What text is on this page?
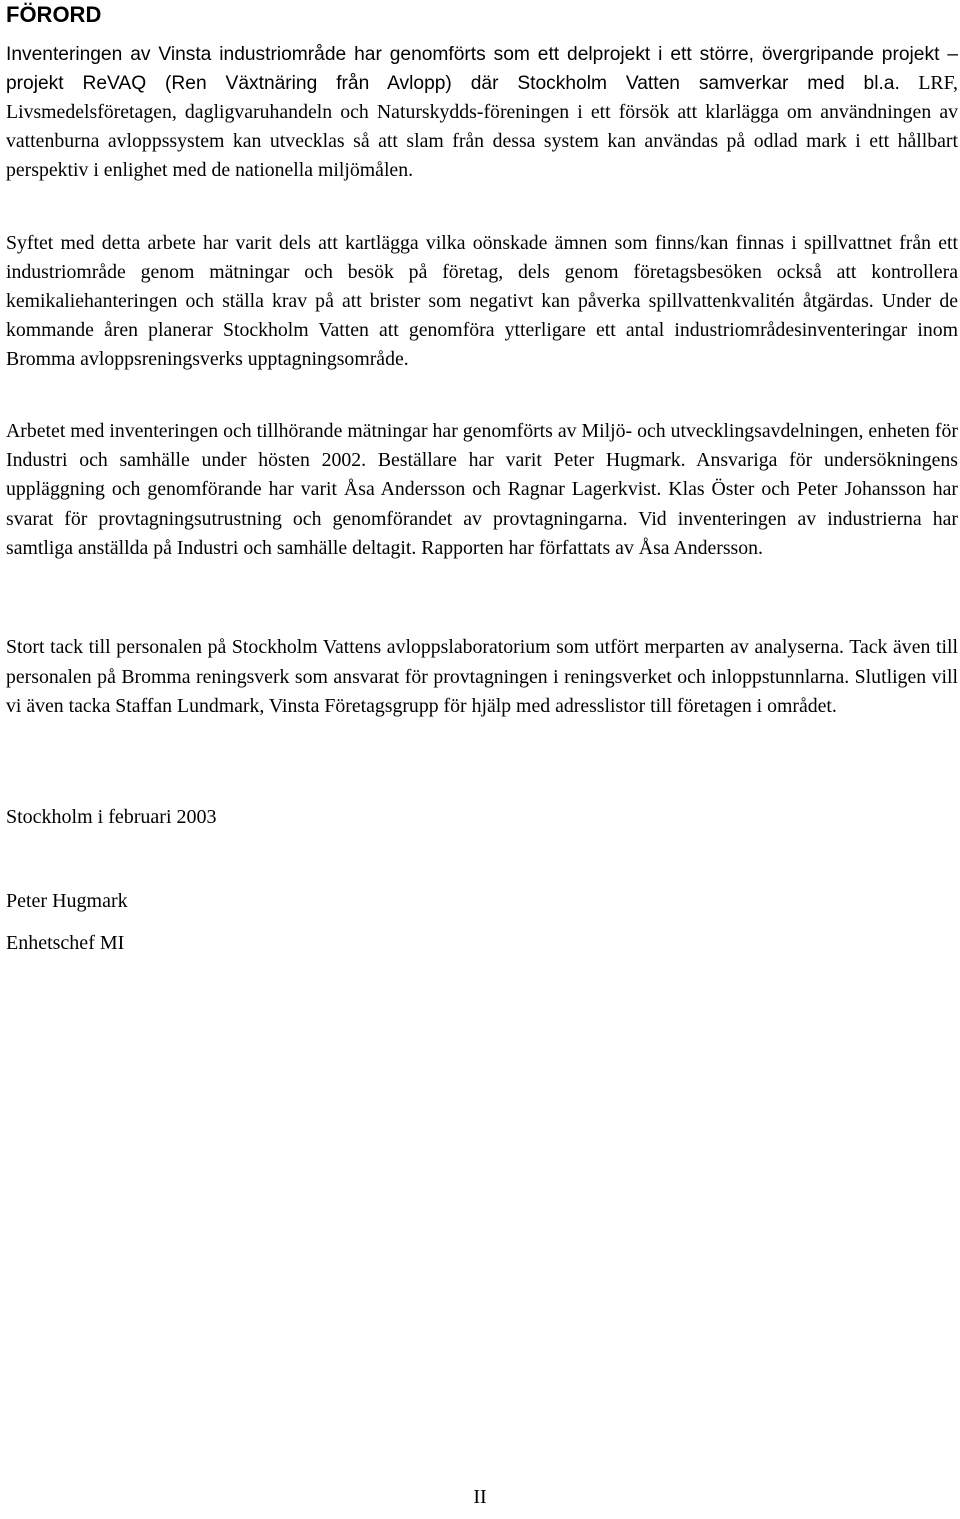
FÖRORD

Inventeringen av Vinsta industriområde har genomförts som ett delprojekt i ett större, övergripande projekt – projekt ReVAQ (Ren Växtnäring från Avlopp) där Stockholm Vatten samverkar med bl.a. LRF, Livsmedelsföretagen, dagligvaruhandeln och Naturskydds-föreningen i ett försök att klarlägga om användningen av vattenburna avloppssystem kan utvecklas så att slam från dessa system kan användas på odlad mark i ett hållbart perspektiv i enlighet med de nationella miljömålen.

Syftet med detta arbete har varit dels att kartlägga vilka oönskade ämnen som finns/kan finnas i spillvattnet från ett industriområde genom mätningar och besök på företag, dels genom företagsbesöken också att kontrollera kemikaliehanteringen och ställa krav på att brister som negativt kan påverka spillvattenkvalitén åtgärdas. Under de kommande åren planerar Stockholm Vatten att genomföra ytterligare ett antal industriområdesinventeringar inom Bromma avloppsreningsverks upptagningsområde.

Arbetet med inventeringen och tillhörande mätningar har genomförts av Miljö- och utvecklingsavdelningen, enheten för Industri och samhälle under hösten 2002. Beställare har varit Peter Hugmark. Ansvariga för undersökningens uppläggning och genomförande har varit Åsa Andersson och Ragnar Lagerkvist. Klas Öster och Peter Johansson har svarat för provtagningsutrustning och genomförandet av provtagningarna. Vid inventeringen av industrierna har samtliga anställda på Industri och samhälle deltagit. Rapporten har författats av Åsa Andersson.

Stort tack till personalen på Stockholm Vattens avloppslaboratorium som utfört merparten av analyserna. Tack även till personalen på Bromma reningsverk som ansvarat för provtagningen i reningsverket och inloppstunnlarna. Slutligen vill vi även tacka Staffan Lundmark, Vinsta Företagsgrupp för hjälp med adresslistor till företagen i området.

Stockholm i februari 2003

Peter Hugmark

Enhetschef MI

II
